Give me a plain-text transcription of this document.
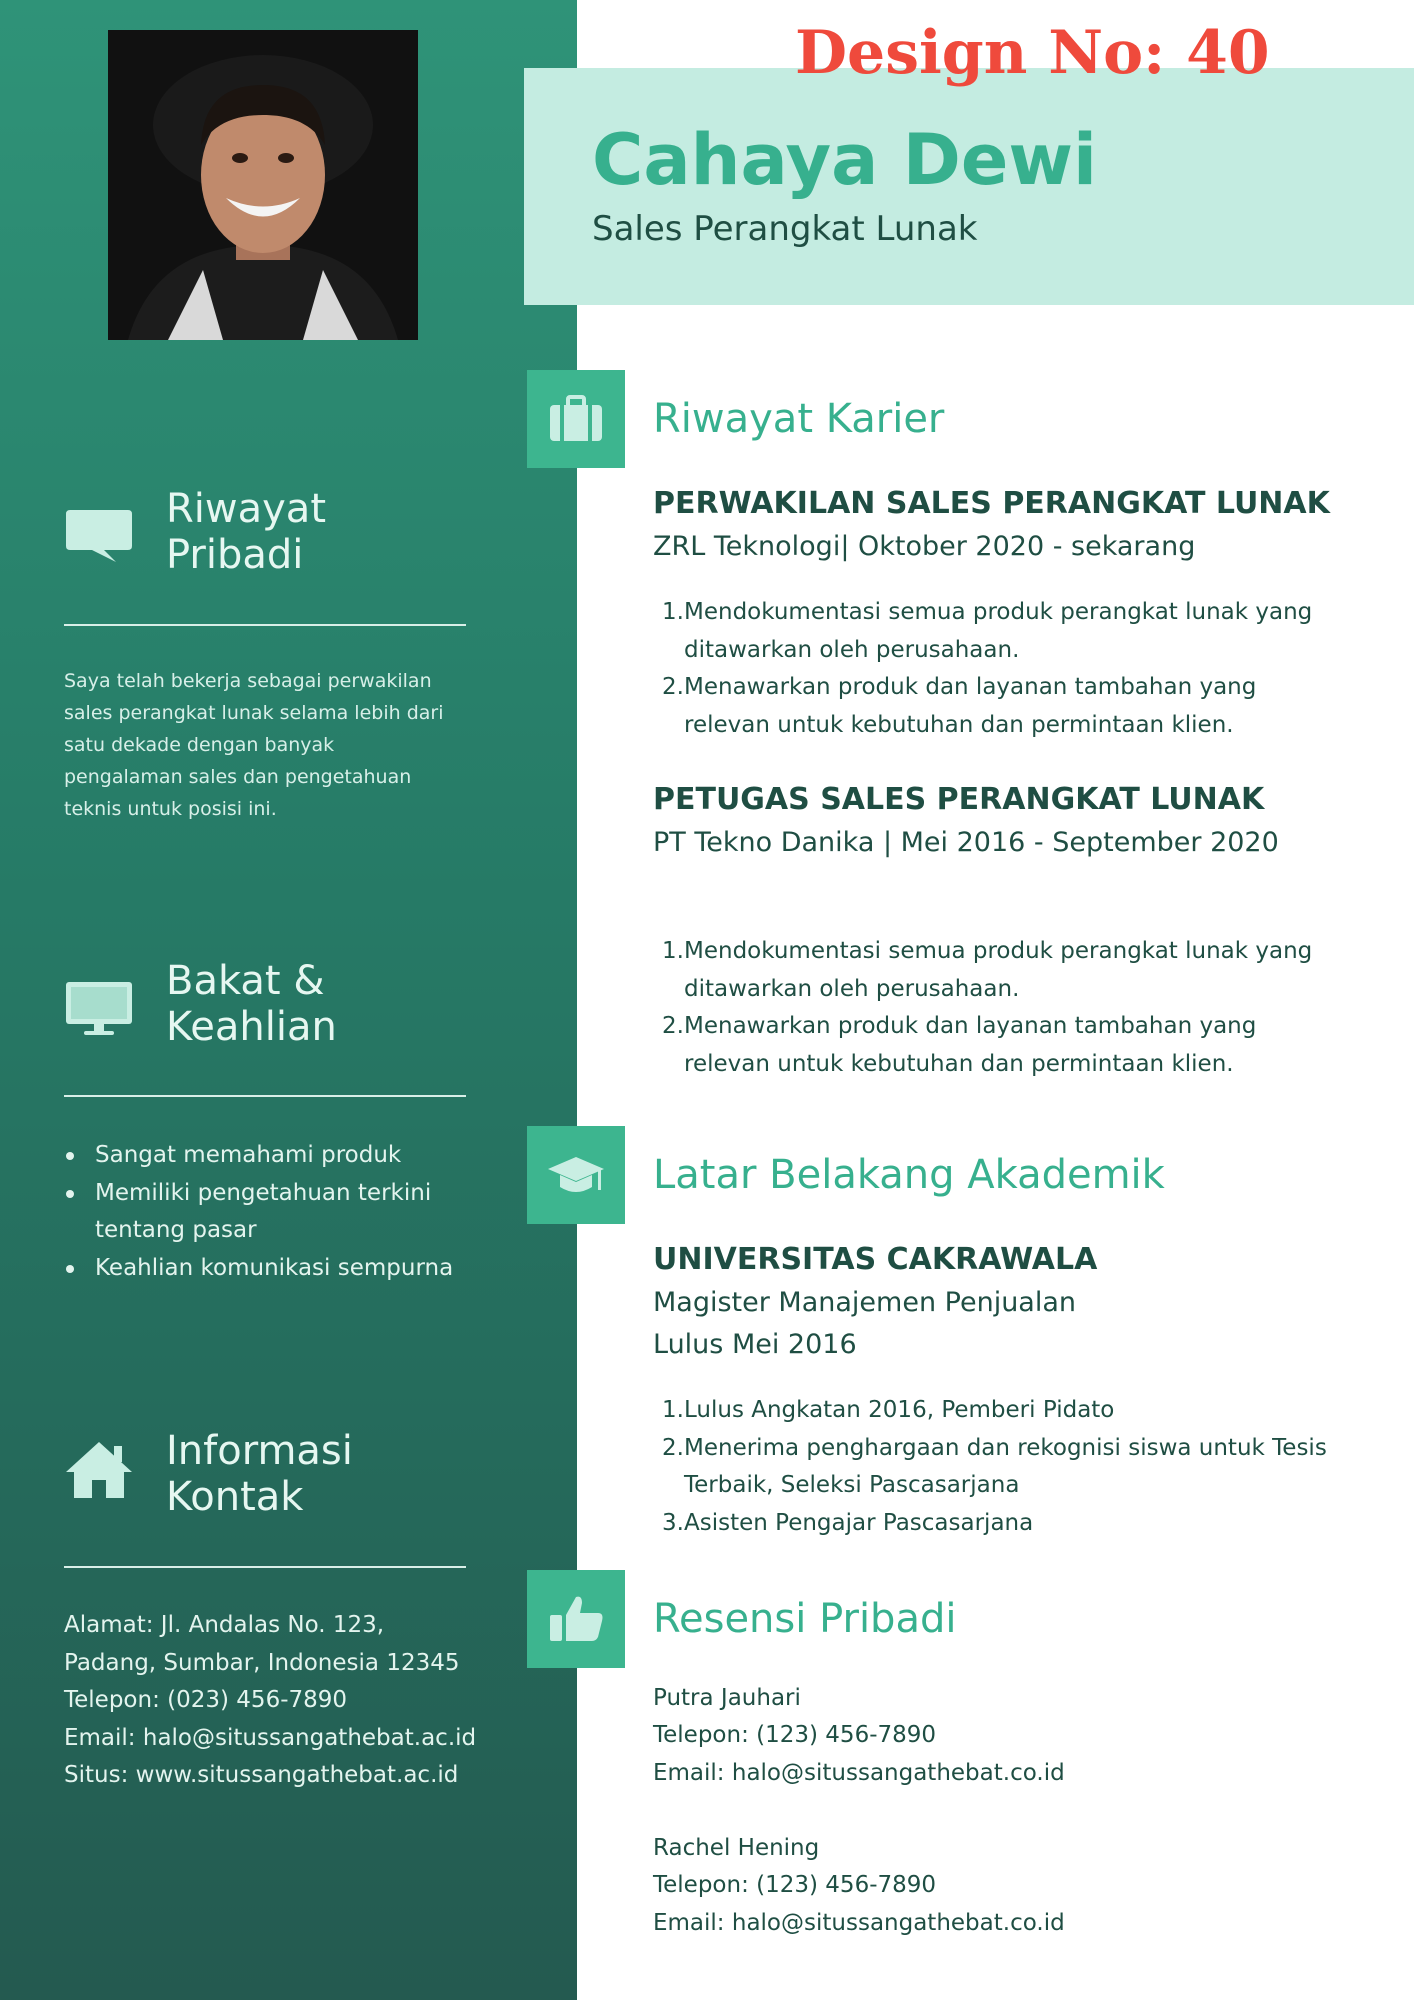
Riwayat
Pribadi
Saya telah bekerja sebagai perwakilan
sales perangkat lunak selama lebih dari
satu dekade dengan banyak
pengalaman sales dan pengetahuan
teknis untuk posisi ini.
Bakat &
Keahlian
Sangat memahami produk
Memiliki pengetahuan terkini
tentang pasar
Keahlian komunikasi sempurna
Informasi
Kontak
Alamat: Jl. Andalas No. 123,
Padang, Sumbar, Indonesia 12345
Telepon: (023) 456-7890
Email: halo@situssangathebat.ac.id
Situs: www.situssangathebat.ac.id
Design No: 40
Cahaya Dewi
Sales Perangkat Lunak
Riwayat Karier
PERWAKILAN SALES PERANGKAT LUNAK
ZRL Teknologi| Oktober 2020 - sekarang
1. Mendokumentasi semua produk perangkat lunak yang
ditawarkan oleh perusahaan.
2. Menawarkan produk dan layanan tambahan yang
relevan untuk kebutuhan dan permintaan klien.
PETUGAS SALES PERANGKAT LUNAK
PT Tekno Danika | Mei 2016 - September 2020
1. Mendokumentasi semua produk perangkat lunak yang
ditawarkan oleh perusahaan.
2. Menawarkan produk dan layanan tambahan yang
relevan untuk kebutuhan dan permintaan klien.
Latar Belakang Akademik
UNIVERSITAS CAKRAWALA
Magister Manajemen Penjualan
Lulus Mei 2016
1. Lulus Angkatan 2016, Pemberi Pidato
2. Menerima penghargaan dan rekognisi siswa untuk Tesis
Terbaik, Seleksi Pascasarjana
3. Asisten Pengajar Pascasarjana
Resensi Pribadi
Putra Jauhari
Telepon: (123) 456-7890
Email: halo@situssangathebat.co.id
Rachel Hening
Telepon: (123) 456-7890
Email: halo@situssangathebat.co.id
